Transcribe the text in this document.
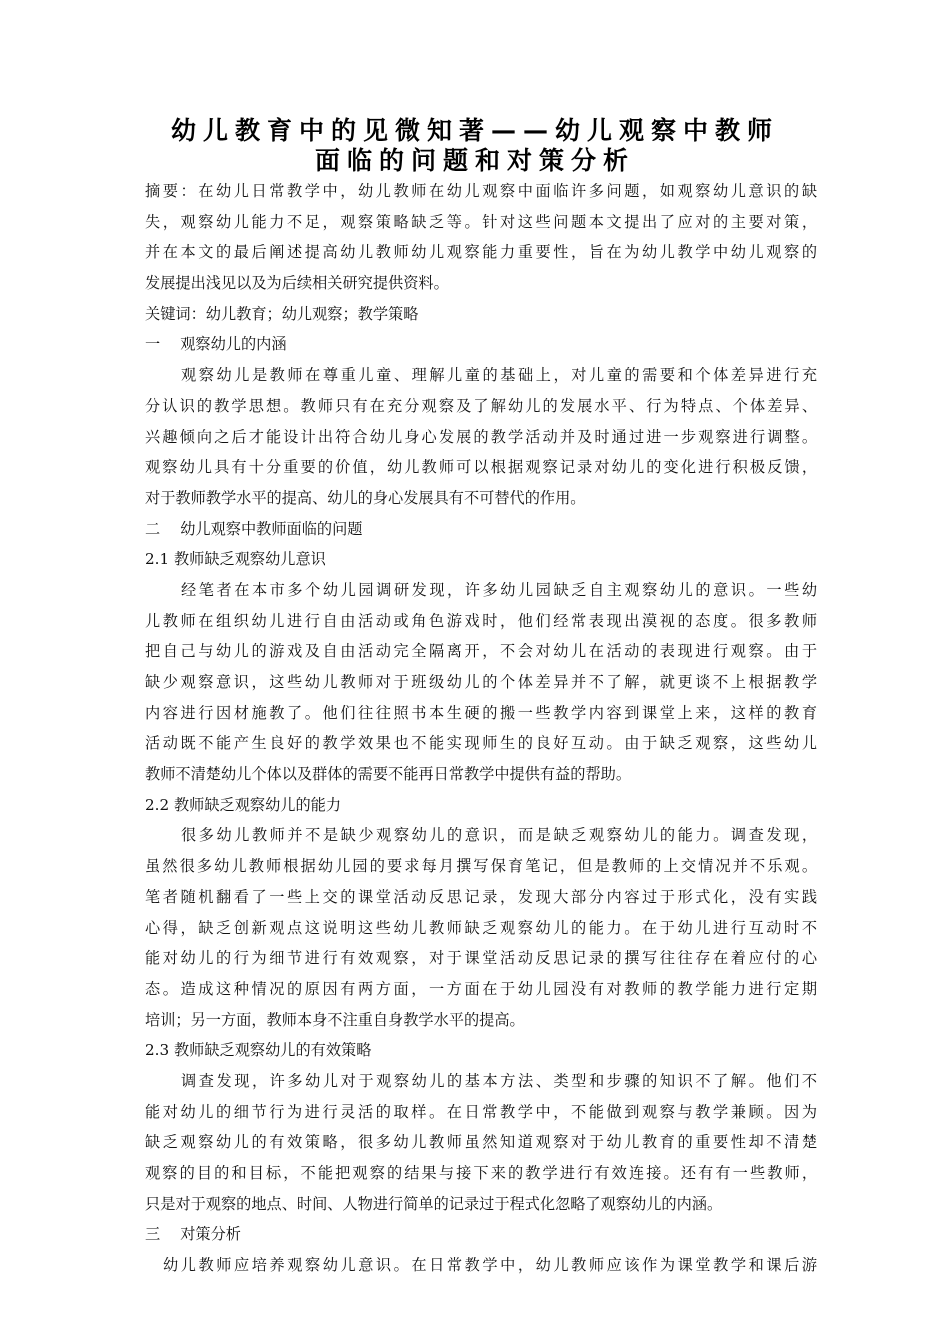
幼儿教育中的见微知著——幼儿观察中教师
面临的问题和对策分析
摘要：在幼儿日常教学中，幼儿教师在幼儿观察中面临许多问题，如观察幼儿意识的缺
失，观察幼儿能力不足，观察策略缺乏等。针对这些问题本文提出了应对的主要对策，
并在本文的最后阐述提高幼儿教师幼儿观察能力重要性，旨在为幼儿教学中幼儿观察的
发展提出浅见以及为后续相关研究提供资料。
关键词：幼儿教育；幼儿观察；教学策略
一 观察幼儿的内涵
观察幼儿是教师在尊重儿童、理解儿童的基础上，对儿童的需要和个体差异进行充
分认识的教学思想。教师只有在充分观察及了解幼儿的发展水平、行为特点、个体差异、
兴趣倾向之后才能设计出符合幼儿身心发展的教学活动并及时通过进一步观察进行调整。
观察幼儿具有十分重要的价值，幼儿教师可以根据观察记录对幼儿的变化进行积极反馈，
对于教师教学水平的提高、幼儿的身心发展具有不可替代的作用。
二 幼儿观察中教师面临的问题
2.1 教师缺乏观察幼儿意识
经笔者在本市多个幼儿园调研发现，许多幼儿园缺乏自主观察幼儿的意识。一些幼
儿教师在组织幼儿进行自由活动或角色游戏时，他们经常表现出漠视的态度。很多教师
把自己与幼儿的游戏及自由活动完全隔离开，不会对幼儿在活动的表现进行观察。由于
缺少观察意识，这些幼儿教师对于班级幼儿的个体差异并不了解，就更谈不上根据教学
内容进行因材施教了。他们往往照书本生硬的搬一些教学内容到课堂上来，这样的教育
活动既不能产生良好的教学效果也不能实现师生的良好互动。由于缺乏观察，这些幼儿
教师不清楚幼儿个体以及群体的需要不能再日常教学中提供有益的帮助。
2.2 教师缺乏观察幼儿的能力
很多幼儿教师并不是缺少观察幼儿的意识，而是缺乏观察幼儿的能力。调查发现，
虽然很多幼儿教师根据幼儿园的要求每月撰写保育笔记，但是教师的上交情况并不乐观。
笔者随机翻看了一些上交的课堂活动反思记录，发现大部分内容过于形式化，没有实践
心得，缺乏创新观点这说明这些幼儿教师缺乏观察幼儿的能力。在于幼儿进行互动时不
能对幼儿的行为细节进行有效观察，对于课堂活动反思记录的撰写往往存在着应付的心
态。造成这种情况的原因有两方面，一方面在于幼儿园没有对教师的教学能力进行定期
培训；另一方面，教师本身不注重自身教学水平的提高。
2.3 教师缺乏观察幼儿的有效策略
调查发现，许多幼儿对于观察幼儿的基本方法、类型和步骤的知识不了解。他们不
能对幼儿的细节行为进行灵活的取样。在日常教学中，不能做到观察与教学兼顾。因为
缺乏观察幼儿的有效策略，很多幼儿教师虽然知道观察对于幼儿教育的重要性却不清楚
观察的目的和目标，不能把观察的结果与接下来的教学进行有效连接。还有有一些教师，
只是对于观察的地点、时间、人物进行简单的记录过于程式化忽略了观察幼儿的内涵。
三 对策分析
幼儿教师应培养观察幼儿意识。在日常教学中，幼儿教师应该作为课堂教学和课后游
